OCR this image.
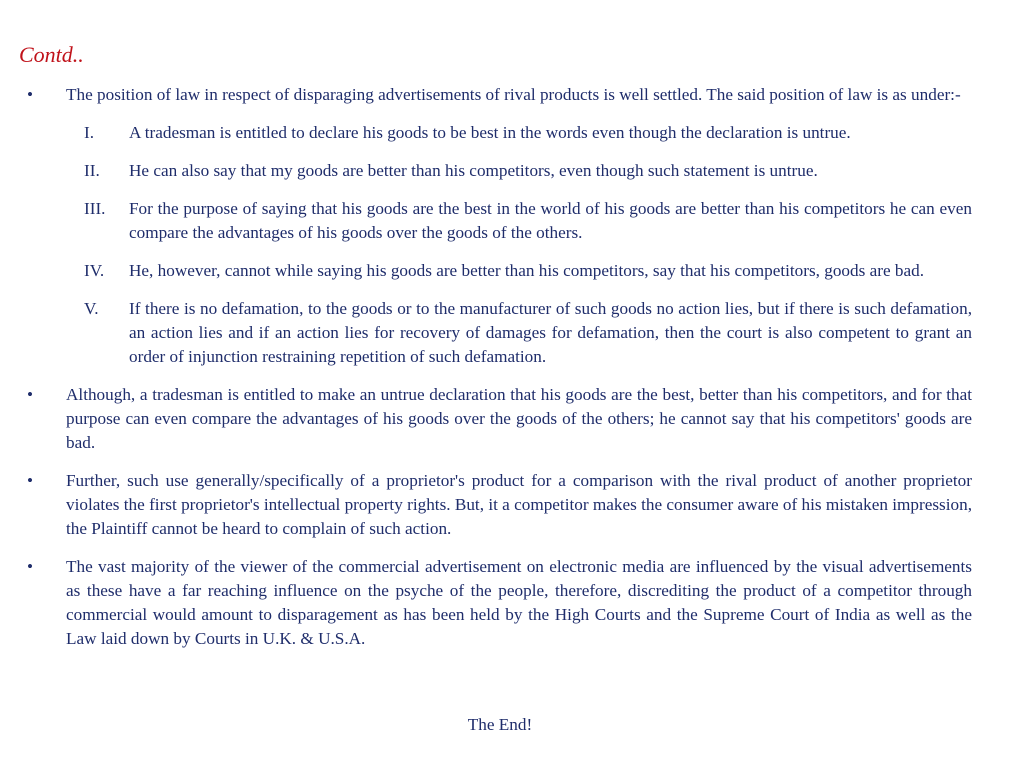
Contd..
•	The position of law in respect of disparaging advertisements of rival products is well settled. The said position of law is as under:-
I.	A tradesman is entitled to declare his goods to be best in the words even though the declaration is untrue.
II.	He can also say that my goods are better than his competitors, even though such statement is untrue.
III.	For the purpose of saying that his goods are the best in the world of his goods are better than his competitors he can even compare the advantages of his goods over the goods of the others.
IV.	He, however, cannot while saying his goods are better than his competitors, say that his competitors, goods are bad.
V.	If there is no defamation, to the goods or to the manufacturer of such goods no action lies, but if there is such defamation, an action lies and if an action lies for recovery of damages for defamation, then the court is also competent to grant an order of injunction restraining repetition of such defamation.
•	Although, a tradesman is entitled to make an untrue declaration that his goods are the best, better than his competitors, and for that purpose can even compare the advantages of his goods over the goods of the others; he cannot say that his competitors' goods are bad.
•	Further, such use generally/specifically of a proprietor's product for a comparison with the rival product of another proprietor violates the first proprietor's intellectual property rights. But, it a competitor makes the consumer aware of his mistaken impression, the Plaintiff cannot be heard to complain of such action.
•	The vast majority of the viewer of the commercial advertisement on electronic media are influenced by the visual advertisements as these have a far reaching influence on the psyche of the people, therefore, discrediting the product of a competitor through commercial would amount to disparagement as has been held by the High Courts and the Supreme Court of India as well as the Law laid down by Courts in U.K. & U.S.A.
The End!
